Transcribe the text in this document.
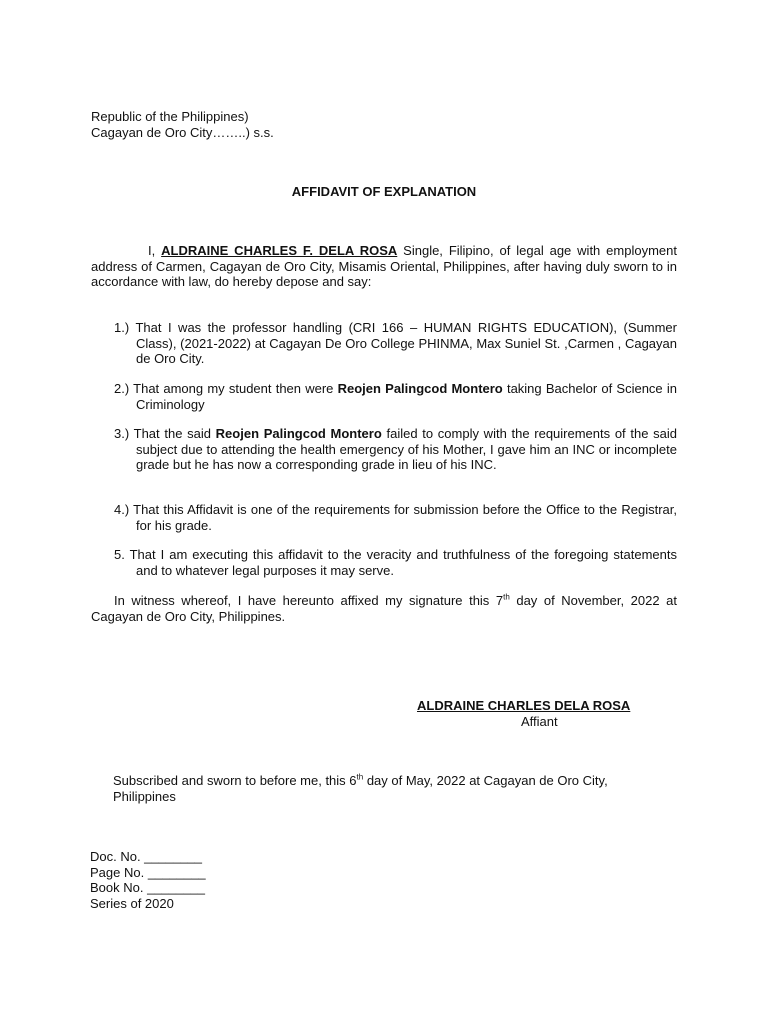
Republic of the Philippines)
Cagayan de Oro City……..) s.s.
AFFIDAVIT OF EXPLANATION
I, ALDRAINE CHARLES F. DELA ROSA Single, Filipino, of legal age with employment address of Carmen, Cagayan de Oro City, Misamis Oriental, Philippines, after having duly sworn to in accordance with law, do hereby depose and say:
1.) That I was the professor handling (CRI 166 – HUMAN RIGHTS EDUCATION), (Summer Class), (2021-2022) at Cagayan De Oro College PHINMA, Max Suniel St. ,Carmen , Cagayan de Oro City.
2.) That among my student then were Reojen Palingcod Montero taking Bachelor of Science in Criminology
3.) That the said Reojen Palingcod Montero failed to comply with the requirements of the said subject due to attending the health emergency of his Mother, I gave him an INC or incomplete grade but he has now a corresponding grade in lieu of his INC.
4.) That this Affidavit is one of the requirements for submission before the Office to the Registrar, for his grade.
5. That I am executing this affidavit to the veracity and truthfulness of the foregoing statements and to whatever legal purposes it may serve.
In witness whereof, I have hereunto affixed my signature this 7th day of November, 2022 at Cagayan de Oro City, Philippines.
ALDRAINE CHARLES DELA ROSA
Affiant
Subscribed and sworn to before me, this 6th day of May, 2022 at Cagayan de Oro City, Philippines
Doc. No. ________
Page No. ________
Book No. ________
Series of 2020
